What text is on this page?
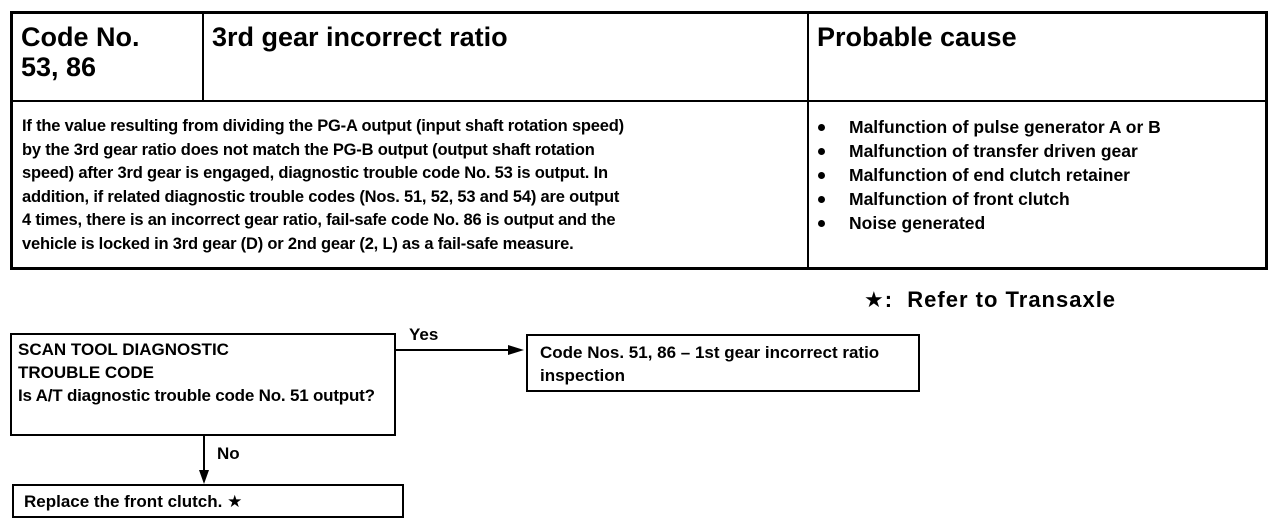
Code No.
53, 86
3rd gear incorrect ratio	Probable cause
If the value resulting from dividing the PG-A output (input shaft rotation speed)
by the 3rd gear ratio does not match the PG-B output (output shaft rotation
speed) after 3rd gear is engaged, diagnostic trouble code No. 53 is output. In
addition, if related diagnostic trouble codes (Nos. 51, 52, 53 and 54) are output
4 times, there is an incorrect gear ratio, fail-safe code No. 86 is output and the
vehicle is locked in 3rd gear (D) or 2nd gear (2, L) as a fail-safe measure.
Malfunction of pulse generator A or B
Malfunction of transfer driven gear
Malfunction of end clutch retainer
Malfunction of front clutch
Noise generated
★: Refer to Transaxle
SCAN TOOL DIAGNOSTIC
TROUBLE CODE
Is A/T diagnostic trouble code No. 51 output?
Yes
No
Code Nos. 51, 86 – 1st gear incorrect ratio inspection
Replace the front clutch. ★
